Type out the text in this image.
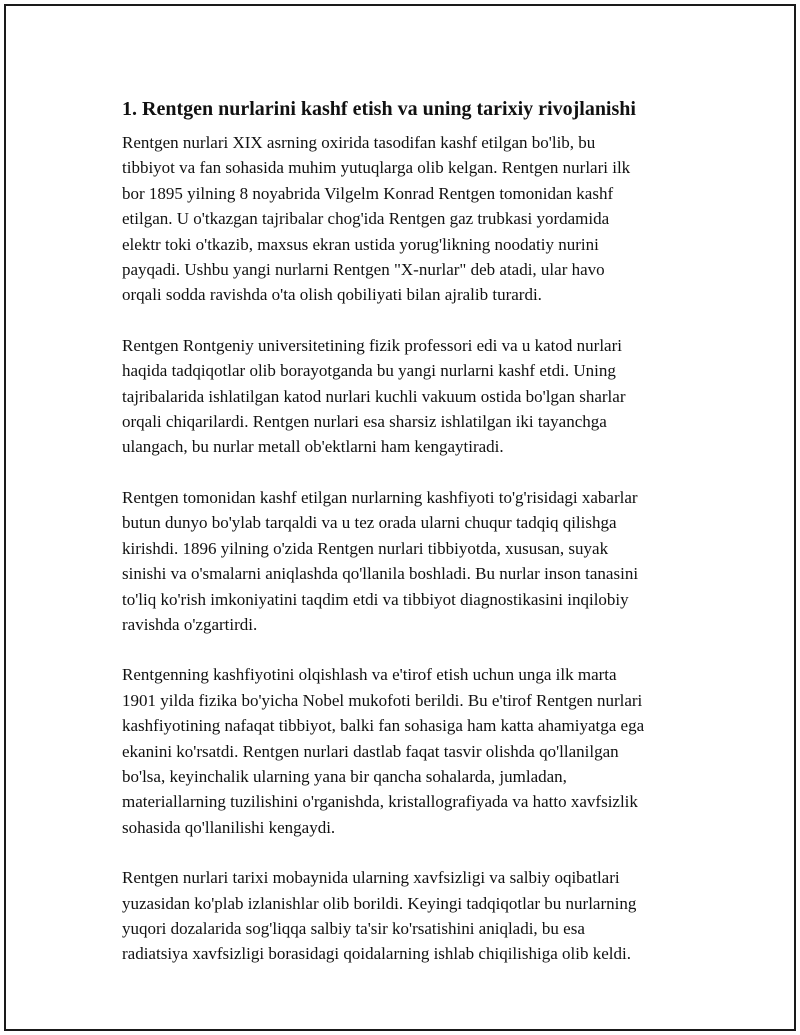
1. Rentgen nurlarini kashf etish va uning tarixiy rivojlanishi

Rentgen nurlari XIX asrning oxirida tasodifan kashf etilgan bo'lib, bu
tibbiyot va fan sohasida muhim yutuqlarga olib kelgan. Rentgen nurlari ilk
bor 1895 yilning 8 noyabrida Vilgelm Konrad Rentgen tomonidan kashf
etilgan. U o'tkazgan tajribalar chog'ida Rentgen gaz trubkasi yordamida
elektr toki o'tkazib, maxsus ekran ustida yorug'likning noodatiy nurini
payqadi. Ushbu yangi nurlarni Rentgen "X-nurlar" deb atadi, ular havo
orqali sodda ravishda o'ta olish qobiliyati bilan ajralib turardi.

Rentgen Rontgeniy universitetining fizik professori edi va u katod nurlari
haqida tadqiqotlar olib borayotganda bu yangi nurlarni kashf etdi. Uning
tajribalarida ishlatilgan katod nurlari kuchli vakuum ostida bo'lgan sharlar
orqali chiqarilardi. Rentgen nurlari esa sharsiz ishlatilgan iki tayanchga
ulangach, bu nurlar metall ob'ektlarni ham kengaytiradi.

Rentgen tomonidan kashf etilgan nurlarning kashfiyoti to'g'risidagi xabarlar
butun dunyo bo'ylab tarqaldi va u tez orada ularni chuqur tadqiq qilishga
kirishdi. 1896 yilning o'zida Rentgen nurlari tibbiyotda, xususan, suyak
sinishi va o'smalarni aniqlashda qo'llanila boshladi. Bu nurlar inson tanasini
to'liq ko'rish imkoniyatini taqdim etdi va tibbiyot diagnostikasini inqilobiy
ravishda o'zgartirdi.

Rentgenning kashfiyotini olqishlash va e'tirof etish uchun unga ilk marta
1901 yilda fizika bo'yicha Nobel mukofoti berildi. Bu e'tirof Rentgen nurlari
kashfiyotining nafaqat tibbiyot, balki fan sohasiga ham katta ahamiyatga ega
ekanini ko'rsatdi. Rentgen nurlari dastlab faqat tasvir olishda qo'llanilgan
bo'lsa, keyinchalik ularning yana bir qancha sohalarda, jumladan,
materiallarning tuzilishini o'rganishda, kristallografiyada va hatto xavfsizlik
sohasida qo'llanilishi kengaydi.

Rentgen nurlari tarixi mobaynida ularning xavfsizligi va salbiy oqibatlari
yuzasidan ko'plab izlanishlar olib borildi. Keyingi tadqiqotlar bu nurlarning
yuqori dozalarida sog'liqqa salbiy ta'sir ko'rsatishini aniqladi, bu esa
radiatsiya xavfsizligi borasidagi qoidalarning ishlab chiqilishiga olib keldi.
